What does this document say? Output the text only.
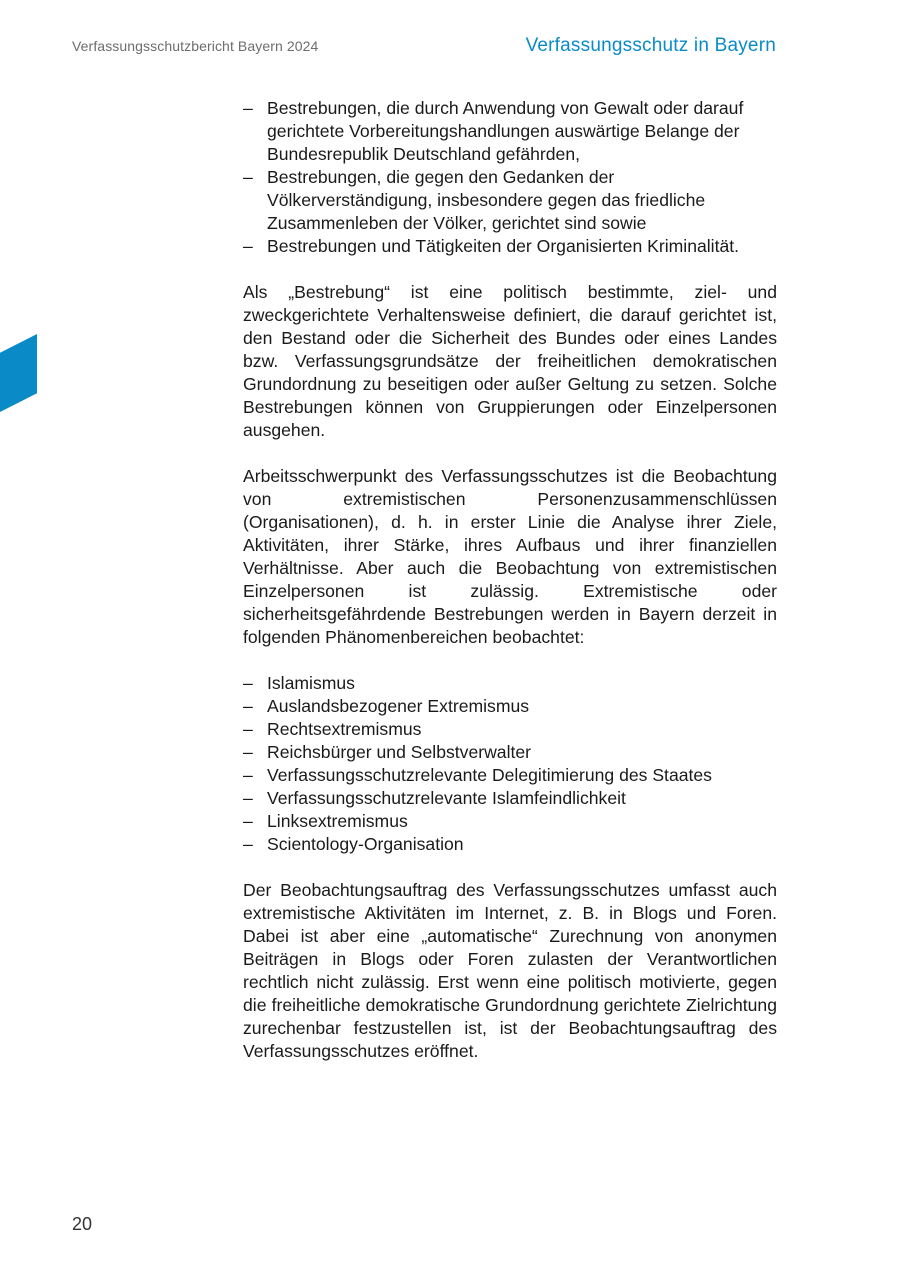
Verfassungsschutzbericht Bayern 2024	Verfassungsschutz in Bayern
– Bestrebungen, die durch Anwendung von Gewalt oder darauf gerichtete Vorbereitungshandlungen auswärtige Belange der Bundesrepublik Deutschland gefährden,
– Bestrebungen, die gegen den Gedanken der Völkerverständigung, insbesondere gegen das friedliche Zusammenleben der Völker, gerichtet sind sowie
– Bestrebungen und Tätigkeiten der Organisierten Kriminalität.

Als „Bestrebung“ ist eine politisch bestimmte, ziel- und zweckgerichtete Verhaltensweise definiert, die darauf gerichtet ist, den Bestand oder die Sicherheit des Bundes oder eines Landes bzw. Verfassungsgrundsätze der freiheitlichen demokratischen Grundordnung zu beseitigen oder außer Geltung zu setzen. Solche Bestrebungen können von Gruppierungen oder Einzelpersonen ausgehen.

Arbeitsschwerpunkt des Verfassungsschutzes ist die Beobachtung von extremistischen Personenzusammenschlüssen (Organisationen), d. h. in erster Linie die Analyse ihrer Ziele, Aktivitäten, ihrer Stärke, ihres Aufbaus und ihrer finanziellen Verhältnisse. Aber auch die Beobachtung von extremistischen Einzelpersonen ist zulässig. Extremistische oder sicherheitsgefährdende Bestrebungen werden in Bayern derzeit in folgenden Phänomenbereichen beobachtet:

– Islamismus
– Auslandsbezogener Extremismus
– Rechtsextremismus
– Reichsbürger und Selbstverwalter
– Verfassungsschutzrelevante Delegitimierung des Staates
– Verfassungsschutzrelevante Islamfeindlichkeit
– Linksextremismus
– Scientology-Organisation

Der Beobachtungsauftrag des Verfassungsschutzes umfasst auch extremistische Aktivitäten im Internet, z. B. in Blogs und Foren. Dabei ist aber eine „automatische“ Zurechnung von anonymen Beiträgen in Blogs oder Foren zulasten der Verantwortlichen rechtlich nicht zulässig. Erst wenn eine politisch motivierte, gegen die freiheitliche demokratische Grundordnung gerichtete Zielrichtung zurechenbar festzustellen ist, ist der Beobachtungsauftrag des Verfassungsschutzes eröffnet.

20
